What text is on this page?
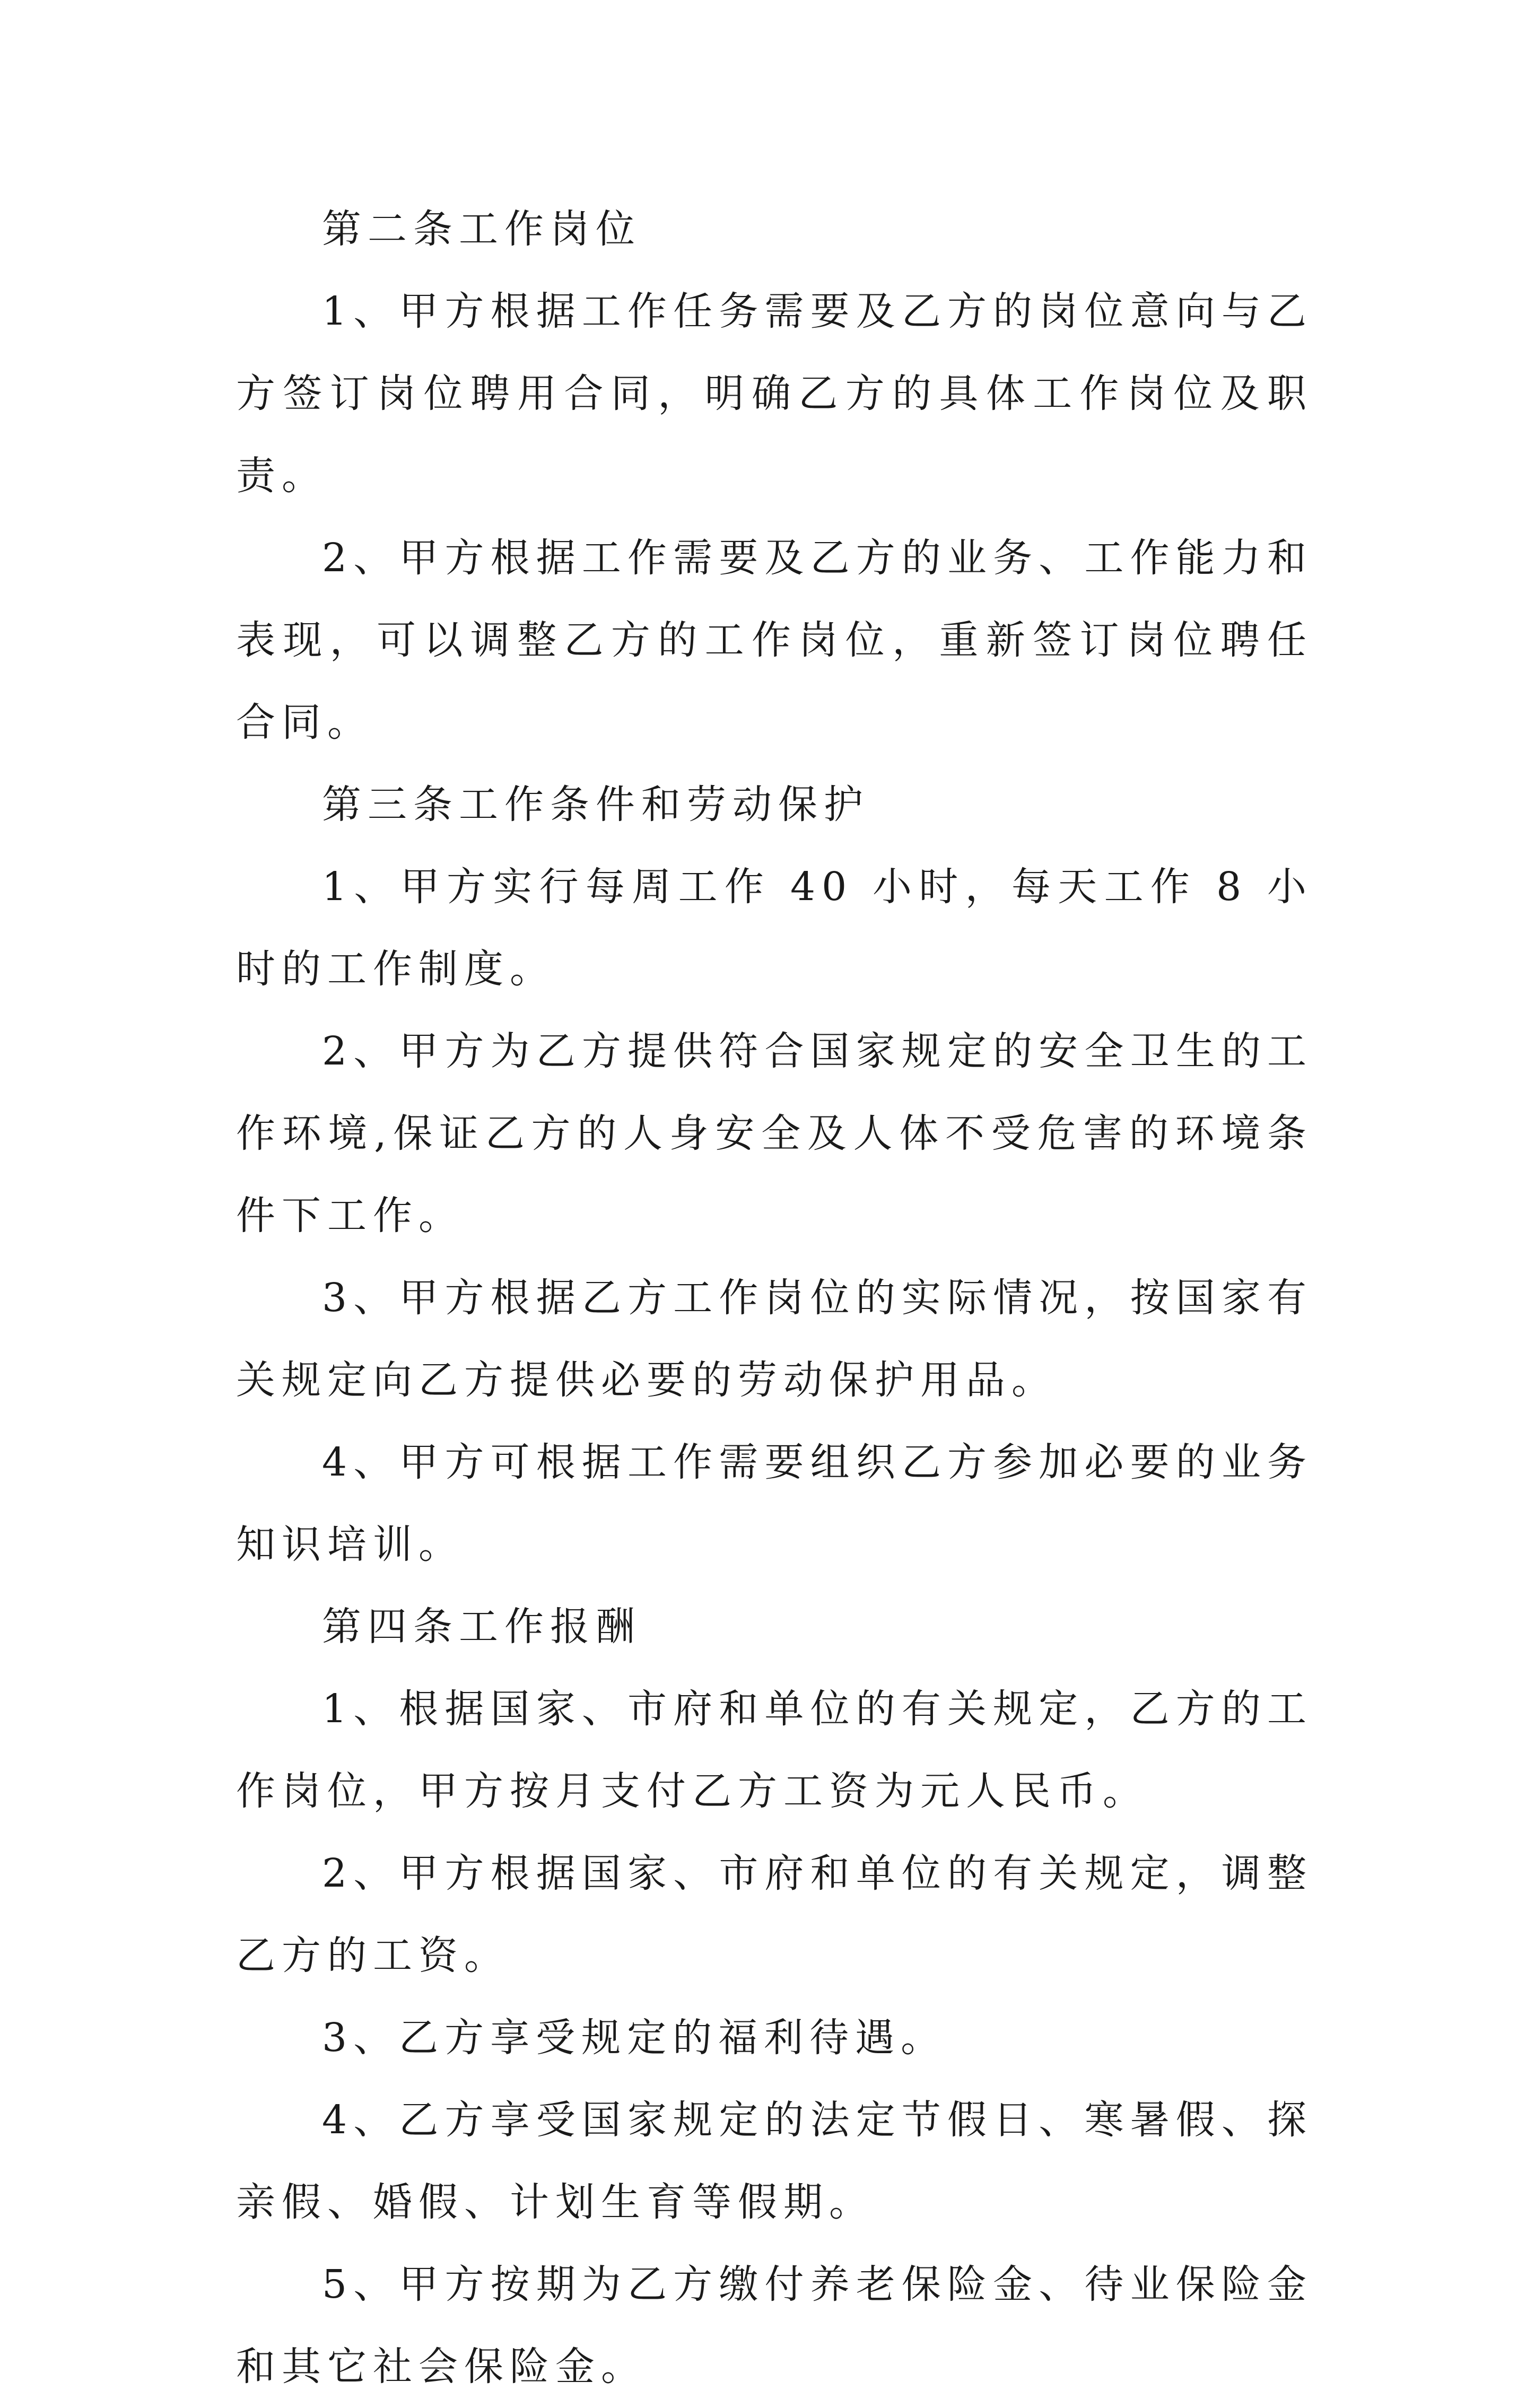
第二条工作岗位

1、甲方根据工作任务需要及乙方的岗位意向与乙方签订岗位聘用合同，明确乙方的具体工作岗位及职责。

2、甲方根据工作需要及乙方的业务、工作能力和表现，可以调整乙方的工作岗位，重新签订岗位聘任合同。

第三条工作条件和劳动保护

1、甲方实行每周工作 40 小时，每天工作 8 小时的工作制度。

2、甲方为乙方提供符合国家规定的安全卫生的工作环境,保证乙方的人身安全及人体不受危害的环境条件下工作。

3、甲方根据乙方工作岗位的实际情况，按国家有关规定向乙方提供必要的劳动保护用品。

4、甲方可根据工作需要组织乙方参加必要的业务知识培训。

第四条工作报酬

1、根据国家、市府和单位的有关规定，乙方的工作岗位，甲方按月支付乙方工资为元人民币。

2、甲方根据国家、市府和单位的有关规定，调整乙方的工资。

3、乙方享受规定的福利待遇。

4、乙方享受国家规定的法定节假日、寒暑假、探亲假、婚假、计划生育等假期。

5、甲方按期为乙方缴付养老保险金、待业保险金和其它社会保险金。
